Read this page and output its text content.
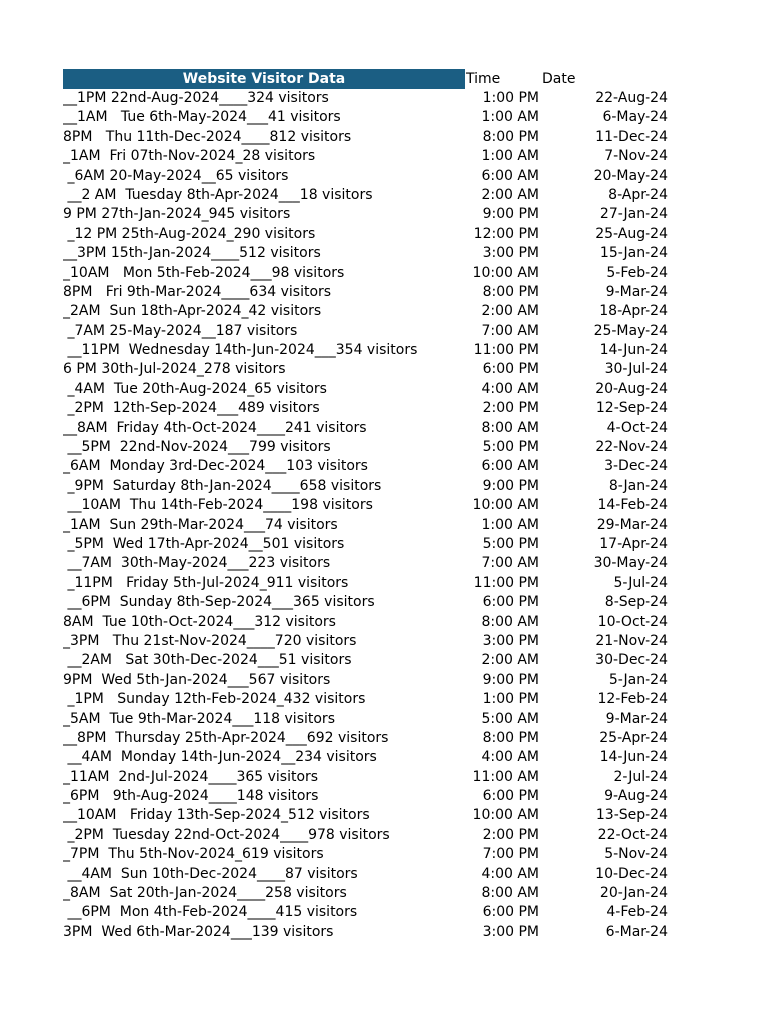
Website Visitor Data	Time	Date
__1PM 22nd-Aug-2024____324 visitors	1:00 PM	22-Aug-24
__1AM   Tue 6th-May-2024___41 visitors	1:00 AM	6-May-24
8PM   Thu 11th-Dec-2024____812 visitors	8:00 PM	11-Dec-24
_1AM  Fri 07th-Nov-2024_28 visitors	1:00 AM	7-Nov-24
_6AM 20-May-2024__65 visitors	6:00 AM	20-May-24
__2 AM  Tuesday 8th-Apr-2024___18 visitors	2:00 AM	8-Apr-24
9 PM 27th-Jan-2024_945 visitors	9:00 PM	27-Jan-24
_12 PM 25th-Aug-2024_290 visitors	12:00 PM	25-Aug-24
__3PM 15th-Jan-2024____512 visitors	3:00 PM	15-Jan-24
_10AM   Mon 5th-Feb-2024___98 visitors	10:00 AM	5-Feb-24
8PM   Fri 9th-Mar-2024____634 visitors	8:00 PM	9-Mar-24
_2AM  Sun 18th-Apr-2024_42 visitors	2:00 AM	18-Apr-24
_7AM 25-May-2024__187 visitors	7:00 AM	25-May-24
__11PM  Wednesday 14th-Jun-2024___354 visitors	11:00 PM	14-Jun-24
6 PM 30th-Jul-2024_278 visitors	6:00 PM	30-Jul-24
_4AM  Tue 20th-Aug-2024_65 visitors	4:00 AM	20-Aug-24
_2PM  12th-Sep-2024___489 visitors	2:00 PM	12-Sep-24
__8AM  Friday 4th-Oct-2024____241 visitors	8:00 AM	4-Oct-24
__5PM  22nd-Nov-2024___799 visitors	5:00 PM	22-Nov-24
_6AM  Monday 3rd-Dec-2024___103 visitors	6:00 AM	3-Dec-24
_9PM  Saturday 8th-Jan-2024____658 visitors	9:00 PM	8-Jan-24
__10AM  Thu 14th-Feb-2024____198 visitors	10:00 AM	14-Feb-24
_1AM  Sun 29th-Mar-2024___74 visitors	1:00 AM	29-Mar-24
_5PM  Wed 17th-Apr-2024__501 visitors	5:00 PM	17-Apr-24
__7AM  30th-May-2024___223 visitors	7:00 AM	30-May-24
_11PM   Friday 5th-Jul-2024_911 visitors	11:00 PM	5-Jul-24
__6PM  Sunday 8th-Sep-2024___365 visitors	6:00 PM	8-Sep-24
8AM  Tue 10th-Oct-2024___312 visitors	8:00 AM	10-Oct-24
_3PM   Thu 21st-Nov-2024____720 visitors	3:00 PM	21-Nov-24
__2AM   Sat 30th-Dec-2024___51 visitors	2:00 AM	30-Dec-24
9PM  Wed 5th-Jan-2024___567 visitors	9:00 PM	5-Jan-24
_1PM   Sunday 12th-Feb-2024_432 visitors	1:00 PM	12-Feb-24
_5AM  Tue 9th-Mar-2024___118 visitors	5:00 AM	9-Mar-24
__8PM  Thursday 25th-Apr-2024___692 visitors	8:00 PM	25-Apr-24
__4AM  Monday 14th-Jun-2024__234 visitors	4:00 AM	14-Jun-24
_11AM  2nd-Jul-2024____365 visitors	11:00 AM	2-Jul-24
_6PM   9th-Aug-2024____148 visitors	6:00 PM	9-Aug-24
__10AM   Friday 13th-Sep-2024_512 visitors	10:00 AM	13-Sep-24
_2PM  Tuesday 22nd-Oct-2024____978 visitors	2:00 PM	22-Oct-24
_7PM  Thu 5th-Nov-2024_619 visitors	7:00 PM	5-Nov-24
__4AM  Sun 10th-Dec-2024____87 visitors	4:00 AM	10-Dec-24
_8AM  Sat 20th-Jan-2024____258 visitors	8:00 AM	20-Jan-24
__6PM  Mon 4th-Feb-2024____415 visitors	6:00 PM	4-Feb-24
3PM  Wed 6th-Mar-2024___139 visitors	3:00 PM	6-Mar-24
